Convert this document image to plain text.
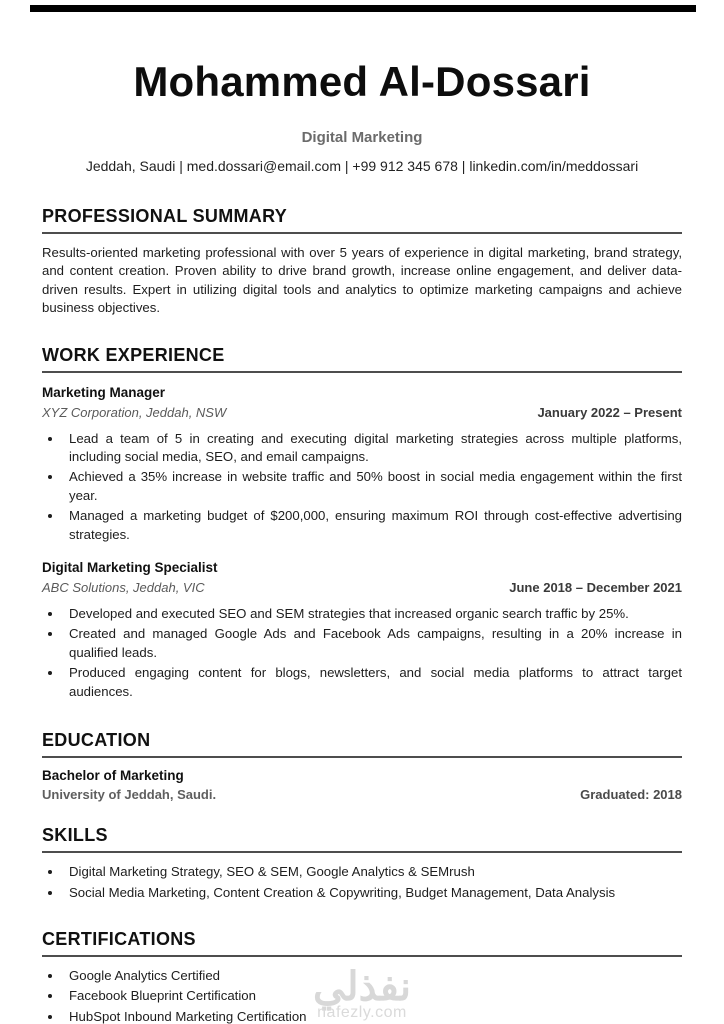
Mohammed Al-Dossari
Digital Marketing
Jeddah, Saudi | med.dossari@email.com | +99 912 345 678 | linkedin.com/in/meddossari
PROFESSIONAL SUMMARY

Results-oriented marketing professional with over 5 years of experience in digital marketing, brand strategy, and content creation. Proven ability to drive brand growth, increase online engagement, and deliver data-driven results. Expert in utilizing digital tools and analytics to optimize marketing campaigns and achieve business objectives.

WORK EXPERIENCE
Marketing Manager
XYZ Corporation, Jeddah, NSW	January 2022 – Present
• Lead a team of 5 in creating and executing digital marketing strategies across multiple platforms, including social media, SEO, and email campaigns.
• Achieved a 35% increase in website traffic and 50% boost in social media engagement within the first year.
• Managed a marketing budget of $200,000, ensuring maximum ROI through cost-effective advertising strategies.
Digital Marketing Specialist
ABC Solutions, Jeddah, VIC	June 2018 – December 2021
• Developed and executed SEO and SEM strategies that increased organic search traffic by 25%.
• Created and managed Google Ads and Facebook Ads campaigns, resulting in a 20% increase in qualified leads.
• Produced engaging content for blogs, newsletters, and social media platforms to attract target audiences.
EDUCATION
Bachelor of Marketing
University of Jeddah, Saudi.	Graduated: 2018
SKILLS
• Digital Marketing Strategy, SEO & SEM, Google Analytics & SEMrush
• Social Media Marketing, Content Creation & Copywriting, Budget Management, Data Analysis
CERTIFICATIONS
• Google Analytics Certified
• Facebook Blueprint Certification
• HubSpot Inbound Marketing Certification
نفذلي
nafezly.com
